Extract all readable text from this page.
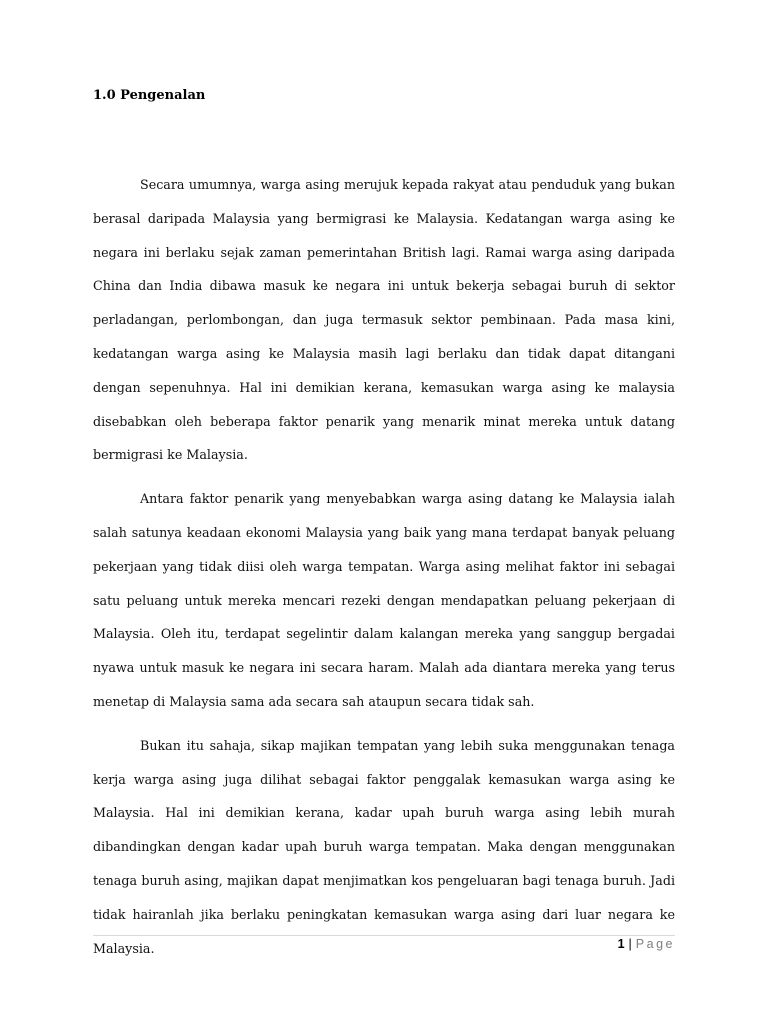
1.0 Pengenalan

Secara umumnya, warga asing merujuk kepada rakyat atau penduduk yang bukan berasal daripada Malaysia yang bermigrasi ke Malaysia. Kedatangan warga asing ke negara ini berlaku sejak zaman pemerintahan British lagi. Ramai warga asing daripada China dan India dibawa masuk ke negara ini untuk bekerja sebagai buruh di sektor perladangan, perlombongan, dan juga termasuk sektor pembinaan. Pada masa kini, kedatangan warga asing ke Malaysia masih lagi berlaku dan tidak dapat ditangani dengan sepenuhnya. Hal ini demikian kerana, kemasukan warga asing ke malaysia disebabkan oleh beberapa faktor penarik yang menarik minat mereka untuk datang bermigrasi ke Malaysia.

Antara faktor penarik yang menyebabkan warga asing datang ke Malaysia ialah salah satunya keadaan ekonomi Malaysia yang baik yang mana terdapat banyak peluang pekerjaan yang tidak diisi oleh warga tempatan. Warga asing melihat faktor ini sebagai satu peluang untuk mereka mencari rezeki dengan mendapatkan peluang pekerjaan di Malaysia. Oleh itu, terdapat segelintir dalam kalangan mereka yang sanggup bergadai nyawa untuk masuk ke negara ini secara haram. Malah ada diantara mereka yang terus menetap di Malaysia sama ada secara sah ataupun secara tidak sah.

Bukan itu sahaja, sikap majikan tempatan yang lebih suka menggunakan tenaga kerja warga asing juga dilihat sebagai faktor penggalak kemasukan warga asing ke Malaysia. Hal ini demikian kerana, kadar upah buruh warga asing lebih murah dibandingkan dengan kadar upah buruh warga tempatan. Maka dengan menggunakan tenaga buruh asing, majikan dapat menjimatkan kos pengeluaran bagi tenaga buruh. Jadi tidak hairanlah jika berlaku peningkatan kemasukan warga asing dari luar negara ke Malaysia.	1 | Page
